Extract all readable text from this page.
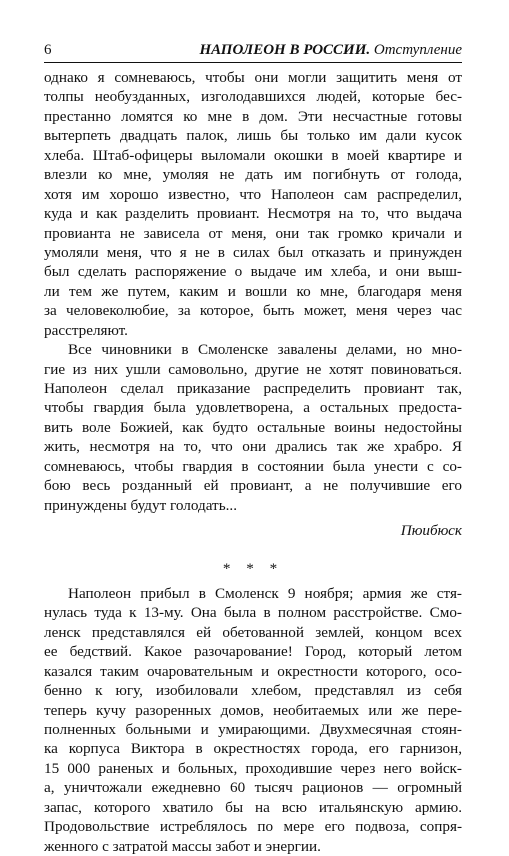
6	НАПОЛЕОН В РОССИИ. Отступление
однако я сомневаюсь, чтобы они могли защитить меня от
толпы необузданных, изголодавшихся людей, которые бес-
престанно ломятся ко мне в дом. Эти несчастные готовы
вытерпеть двадцать палок, лишь бы только им дали кусок
хлеба. Штаб-офицеры выломали окошки в моей квартире и
влезли ко мне, умоляя не дать им погибнуть от голода,
хотя им хорошо известно, что Наполеон сам распределил,
куда и как разделить провиант. Несмотря на то, что выдача
провианта не зависела от меня, они так громко кричали и
умоляли меня, что я не в силах был отказать и принужден
был сделать распоряжение о выдаче им хлеба, и они выш-
ли тем же путем, каким и вошли ко мне, благодаря меня
за человеколюбие, за которое, быть может, меня через час
расстреляют.
Все чиновники в Смоленске завалены делами, но мно-
гие из них ушли самовольно, другие не хотят повиноваться.
Наполеон сделал приказание распределить провиант так,
чтобы гвардия была удовлетворена, а остальных предоста-
вить воле Божией, как будто остальные воины недостойны
жить, несмотря на то, что они дрались так же храбро. Я
сомневаюсь, чтобы гвардия в состоянии была унести с со-
бою весь розданный ей провиант, а не получившие его
принуждены будут голодать...
Пюибюск
* * *
Наполеон прибыл в Смоленск 9 ноября; армия же стя-
нулась туда к 13-му. Она была в полном расстройстве. Смо-
ленск представлялся ей обетованной землей, концом всех
ее бедствий. Какое разочарование! Город, который летом
казался таким очаровательным и окрестности которого, осо-
бенно к югу, изобиловали хлебом, представлял из себя
теперь кучу разоренных домов, необитаемых или же пере-
полненных больными и умирающими. Двухмесячная стоян-
ка корпуса Виктора в окрестностях города, его гарнизон,
15 000 раненых и больных, проходившие через него войск-
а, уничтожали ежедневно 60 тысяч рационов — огромный
запас, которого хватило бы на всю итальянскую армию.
Продовольствие истреблялось по мере его подвоза, сопря-
женного с затратой массы забот и энергии.
